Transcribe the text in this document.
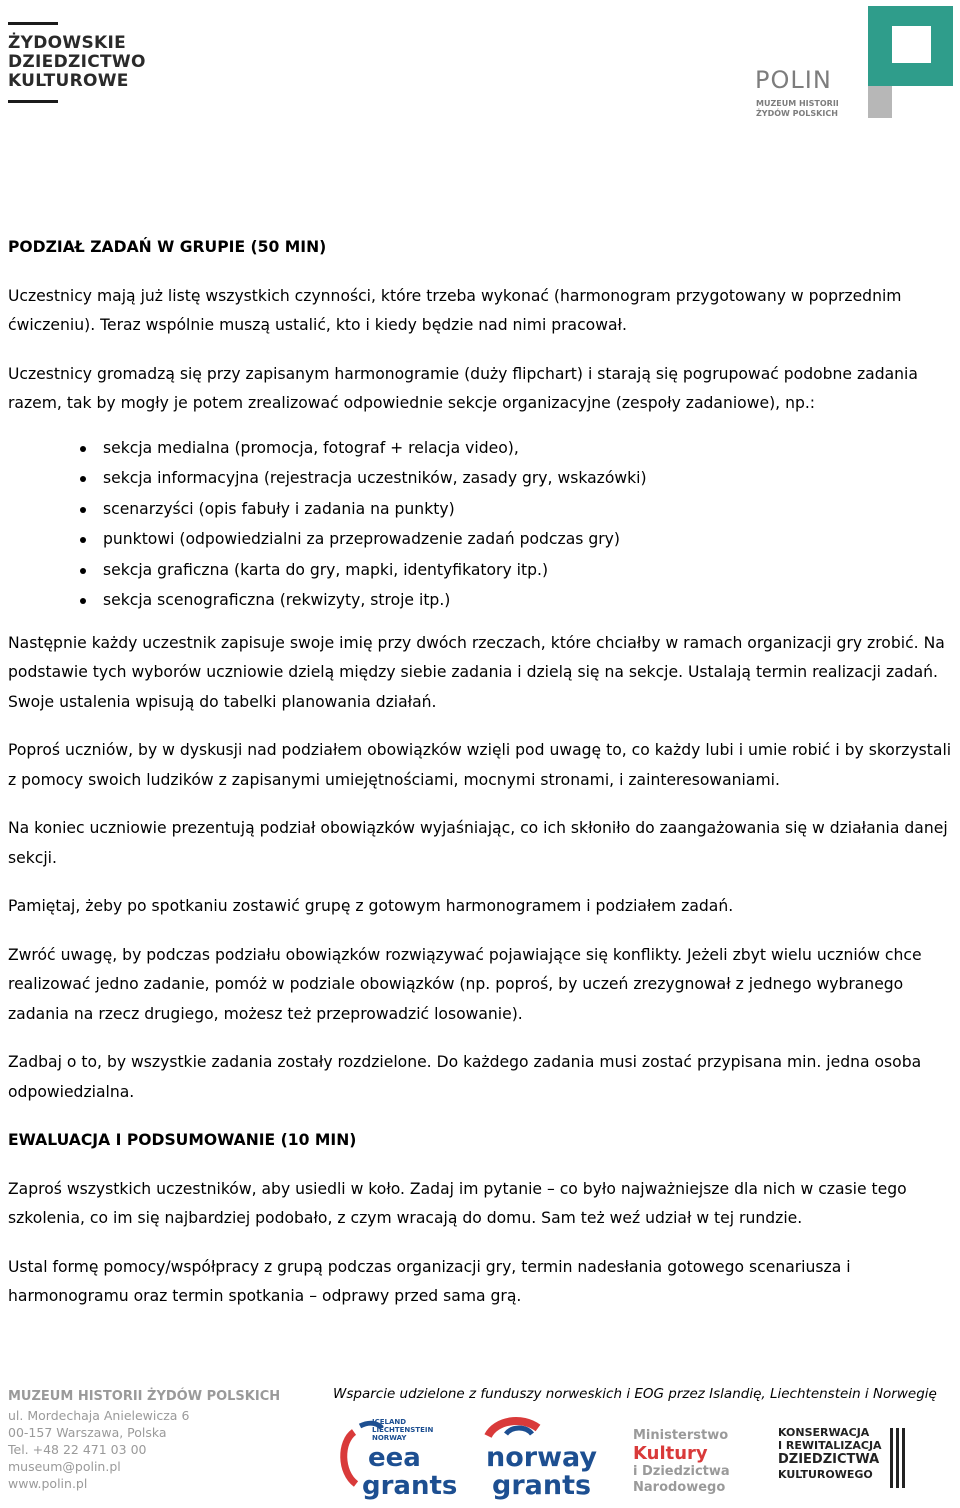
ŻYDOWSKIE
DZIEDZICTWO
KULTUROWE	POLIN
MUZEUM HISTORII
ŻYDÓW POLSKICH
PODZIAŁ ZADAŃ W GRUPIE (50 MIN)

Uczestnicy mają już listę wszystkich czynności, które trzeba wykonać (harmonogram przygotowany w poprzednim ćwiczeniu). Teraz wspólnie muszą ustalić, kto i kiedy będzie nad nimi pracował.

Uczestnicy gromadzą się przy zapisanym harmonogramie (duży flipchart) i starają się pogrupować podobne zadania razem, tak by mogły je potem zrealizować odpowiednie sekcje organizacyjne (zespoły zadaniowe), np.:

sekcja medialna (promocja, fotograf + relacja video),
sekcja informacyjna (rejestracja uczestników, zasady gry, wskazówki)
scenarzyści (opis fabuły i zadania na punkty)
punktowi (odpowiedzialni za przeprowadzenie zadań podczas gry)
sekcja graficzna (karta do gry, mapki, identyfikatory itp.)
sekcja scenograficzna (rekwizyty, stroje itp.)

Następnie każdy uczestnik zapisuje swoje imię przy dwóch rzeczach, które chciałby w ramach organizacji gry zrobić. Na podstawie tych wyborów uczniowie dzielą między siebie zadania i dzielą się na sekcje. Ustalają termin realizacji zadań. Swoje ustalenia wpisują do tabelki planowania działań.

Poproś uczniów, by w dyskusji nad podziałem obowiązków wzięli pod uwagę to, co każdy lubi i umie robić i by skorzystali z pomocy swoich ludzików z zapisanymi umiejętnościami, mocnymi stronami, i zainteresowaniami.

Na koniec uczniowie prezentują podział obowiązków wyjaśniając, co ich skłoniło do zaangażowania się w działania danej sekcji.

Pamiętaj, żeby po spotkaniu zostawić grupę z gotowym harmonogramem i podziałem zadań.

Zwróć uwagę, by podczas podziału obowiązków rozwiązywać pojawiające się konflikty. Jeżeli zbyt wielu uczniów chce realizować jedno zadanie, pomóż w podziale obowiązków (np. poproś, by uczeń zrezygnował z jednego wybranego zadania na rzecz drugiego, możesz też przeprowadzić losowanie).

Zadbaj o to, by wszystkie zadania zostały rozdzielone. Do każdego zadania musi zostać przypisana min. jedna osoba odpowiedzialna.

EWALUACJA I PODSUMOWANIE (10 MIN)

Zaproś wszystkich uczestników, aby usiedli w koło. Zadaj im pytanie – co było najważniejsze dla nich w czasie tego szkolenia, co im się najbardziej podobało, z czym wracają do domu. Sam też weź udział w tej rundzie.

Ustal formę pomocy/współpracy z grupą podczas organizacji gry, termin nadesłania gotowego scenariusza i harmonogramu oraz termin spotkania – odprawy przed sama grą.

MUZEUM HISTORII ŻYDÓW POLSKICH
ul. Mordechaja Anielewicza 6
00-157 Warszawa, Polska
Tel. +48 22 471 03 00
museum@polin.pl
www.polin.pl
Wsparcie udzielone z funduszy norweskich i EOG przez Islandię, Liechtenstein i Norwegię
ICELAND
LIECHTENSTEIN
NORWAY
eea
grants
norway
grants
Ministerstwo
Kultury
i Dziedzictwa
Narodowego
KONSERWACJA
I REWITALIZACJA
DZIEDZICTWA
KULTUROWEGO
